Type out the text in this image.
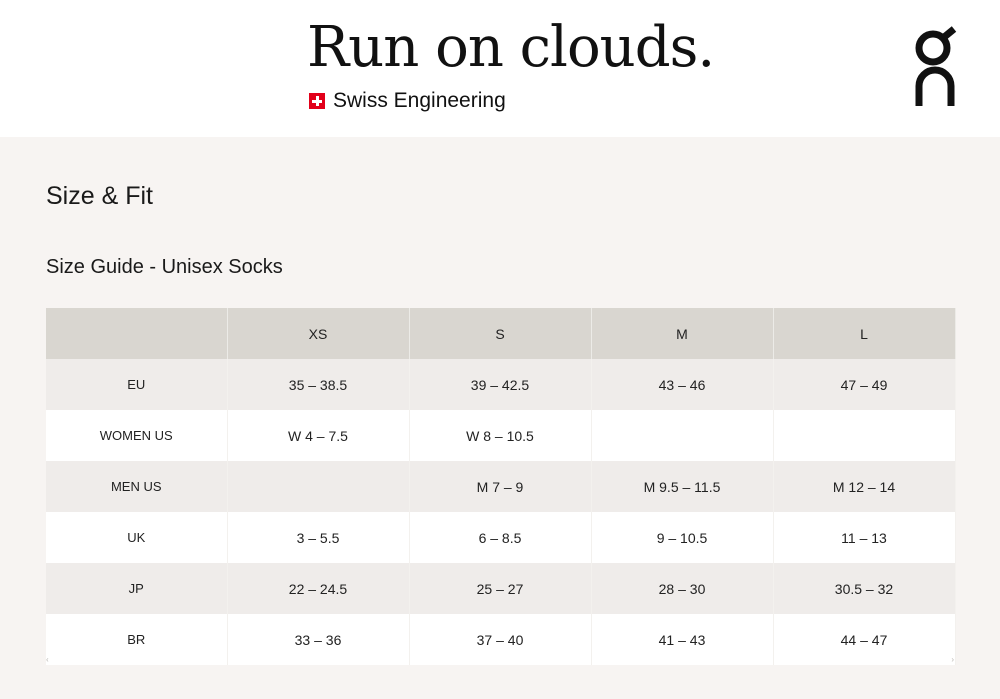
Run on clouds.
Swiss Engineering
Size & Fit
Size Guide - Unisex Socks
	XS	S	M	L
EU	35 – 38.5	39 – 42.5	43 – 46	47 – 49
WOMEN US	W 4 – 7.5	W 8 – 10.5		
MEN US		M 7 – 9	M 9.5 – 11.5	M 12 – 14
UK	3 – 5.5	6 – 8.5	9 – 10.5	11 – 13
JP	22 – 24.5	25 – 27	28 – 30	30.5 – 32
BR	33 – 36	37 – 40	41 – 43	44 – 47
‹	›
